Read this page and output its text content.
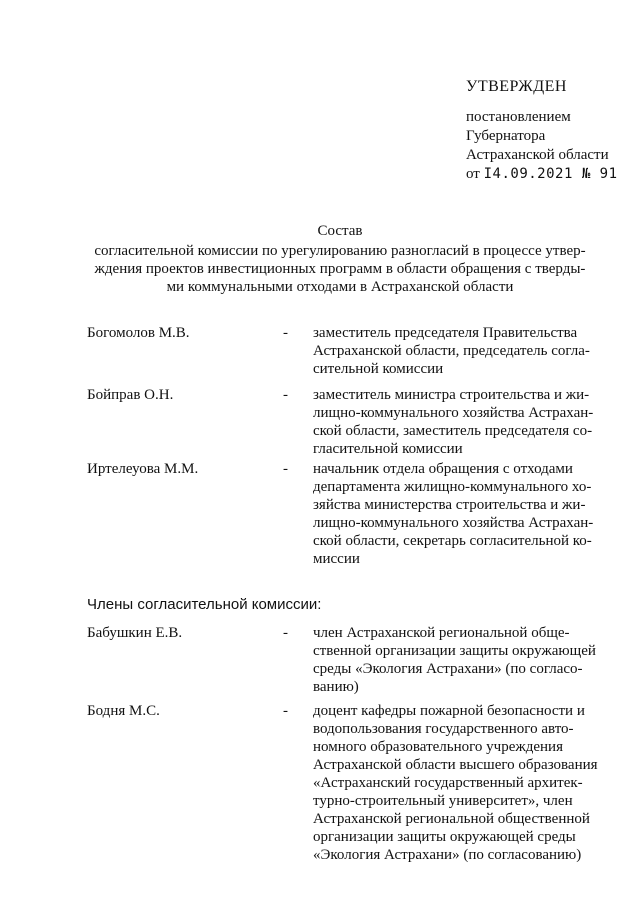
УТВЕРЖДЕН
постановлением
Губернатора
Астраханской области
от I4.09.2021 № 91
Состав
согласительной комиссии по урегулированию разногласий в процессе утвер-
ждения проектов инвестиционных программ в области обращения с тверды-
ми коммунальными отходами в Астраханской области
Богомолов М.В.	-	заместитель председателя Правительства
Астраханской области, председатель согла-
сительной комиссии
Бойправ О.Н.	-	заместитель министра строительства и жи-
лищно-коммунального хозяйства Астрахан-
ской области, заместитель председателя со-
гласительной комиссии
Иртелеуова М.М.	-	начальник отдела обращения с отходами
департамента жилищно-коммунального хо-
зяйства министерства строительства и жи-
лищно-коммунального хозяйства Астрахан-
ской области, секретарь согласительной ко-
миссии
Члены согласительной комиссии:
Бабушкин Е.В.	-	член Астраханской региональной обще-
ственной организации защиты окружающей
среды «Экология Астрахани» (по согласо-
ванию)
Бодня М.С.	-	доцент кафедры пожарной безопасности и
водопользования государственного авто-
номного образовательного учреждения
Астраханской области высшего образования
«Астраханский государственный архитек-
турно-строительный университет», член
Астраханской региональной общественной
организации защиты окружающей среды
«Экология Астрахани» (по согласованию)
